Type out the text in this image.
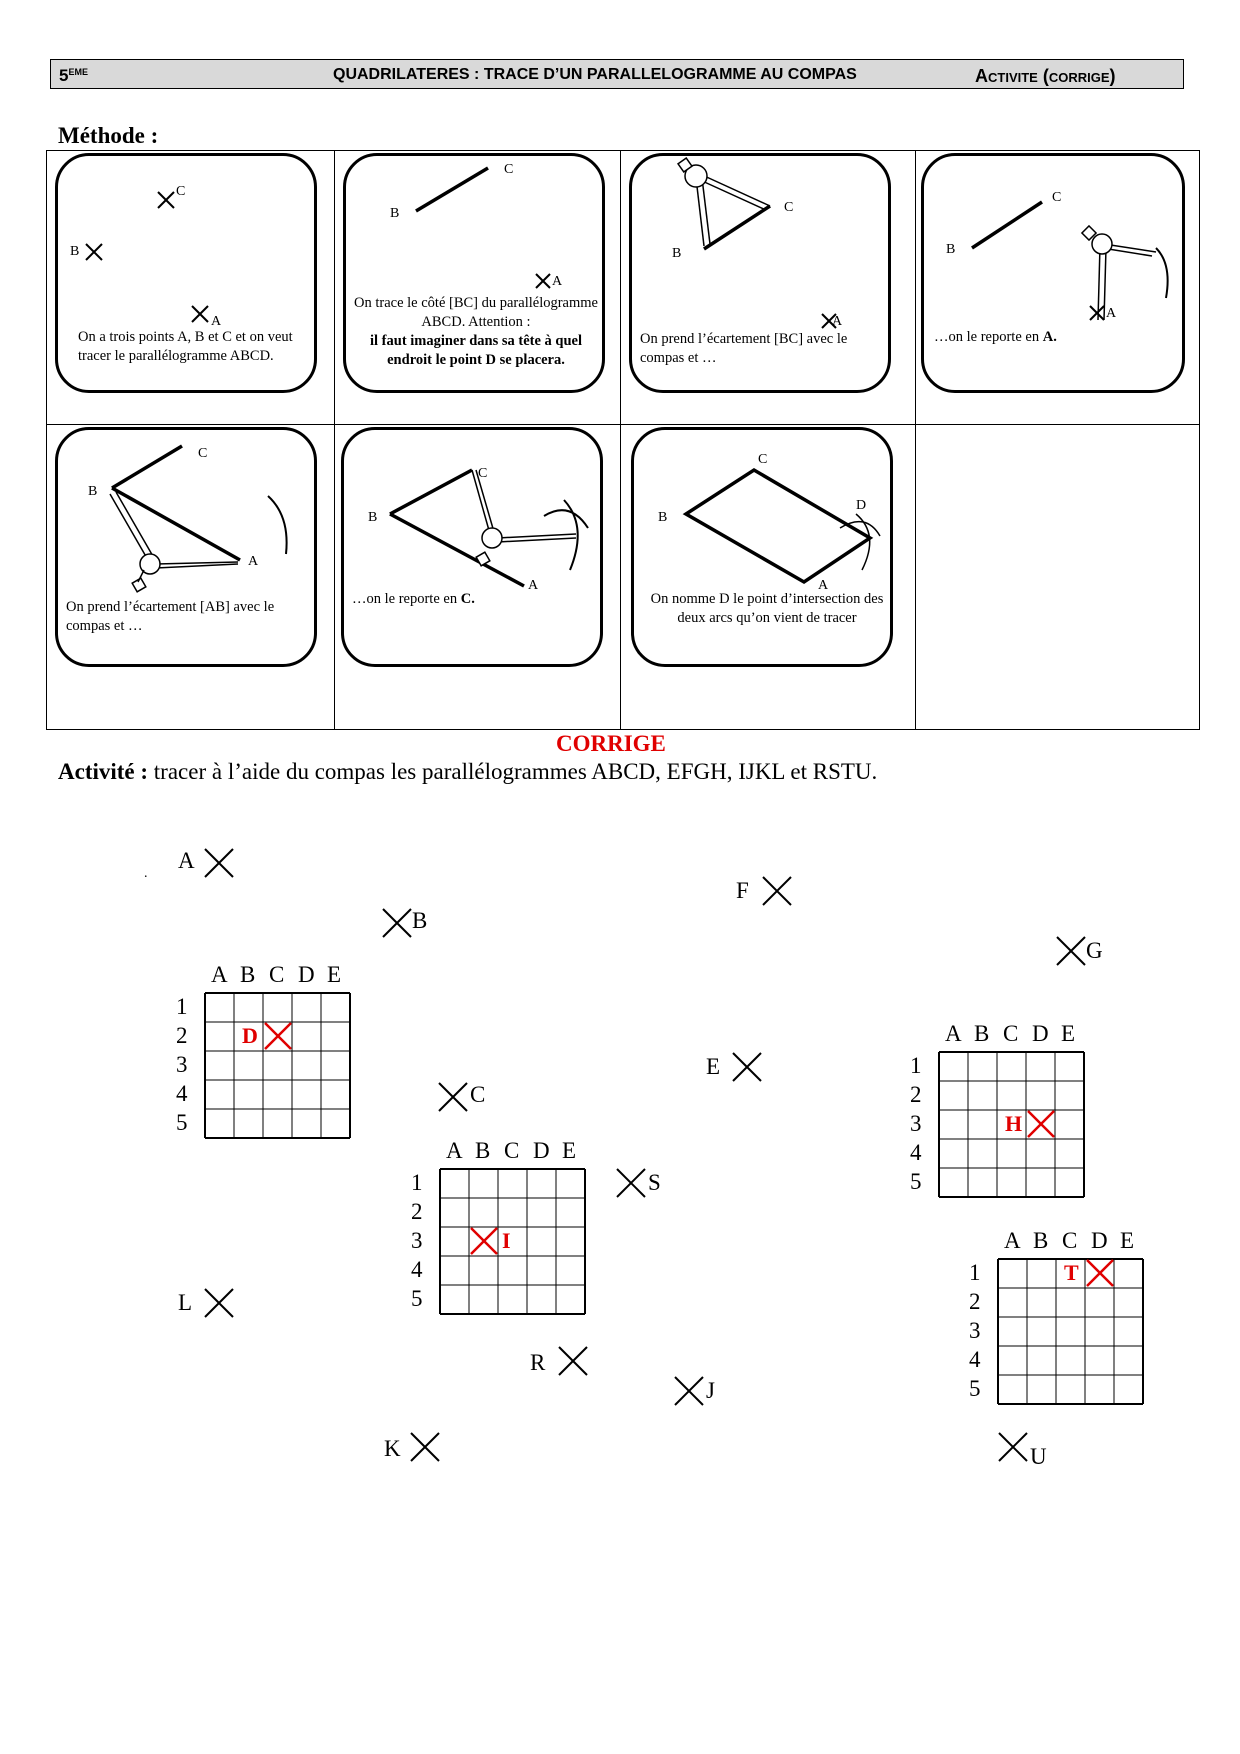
5EME	QUADRILATERES : TRACE D’UN PARALLELOGRAMME AU COMPAS	Activite (corrige)
Méthode :
C
B
A
On a trois points A, B et C et on veut tracer le parallélogramme ABCD.
C
B
A
On trace le côté [BC] du parallélogramme ABCD. Attention :
il faut imaginer dans sa tête à quel endroit le point D se placera.
C
B
A
On prend l’écartement [BC] avec le compas et …
C
B
A
…on le reporte en A.
C
B
A
On prend l’écartement [AB] avec le compas et …
C
B
A
…on le reporte en C.
C
B
D
A
On nomme D le point d’intersection des deux arcs qu’on vient de tracer
CORRIGE
Activité : tracer à l’aide du compas les parallélogrammes ABCD, EFGH, IJKL et RSTU.
.
A
B
C
E
F
G
L
S
R
J
K	U
A B C D E
1
2
3
4
5
D	A B C D E
1
2
3
4
5
H
A B C D E
1
2
3
4
5
I	A B C D E
1
2
3
4
5
T
